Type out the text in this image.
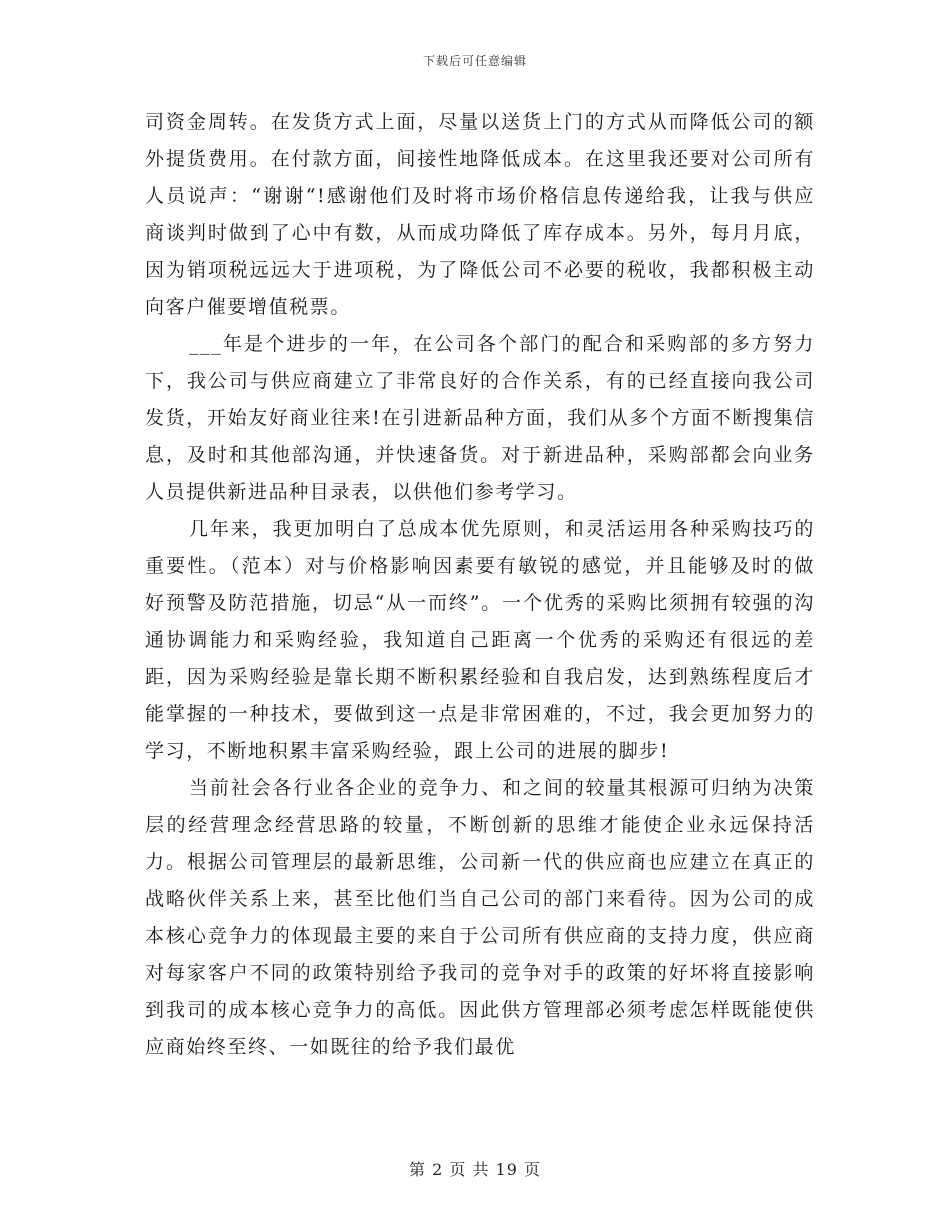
下载后可任意编辑

司资金周转。在发货方式上面，尽量以送货上门的方式从而降低公司的额外提货费用。在付款方面，间接性地降低成本。在这里我还要对公司所有人员说声：“谢谢“!感谢他们及时将市场价格信息传递给我，让我与供应商谈判时做到了心中有数，从而成功降低了库存成本。另外，每月月底，因为销项税远远大于进项税，为了降低公司不必要的税收，我都积极主动向客户催要增值税票。

___年是个进步的一年，在公司各个部门的配合和采购部的多方努力下，我公司与供应商建立了非常良好的合作关系，有的已经直接向我公司发货，开始友好商业往来!在引进新品种方面，我们从多个方面不断搜集信息，及时和其他部沟通，并快速备货。对于新进品种，采购部都会向业务人员提供新进品种目录表，以供他们参考学习。

几年来，我更加明白了总成本优先原则，和灵活运用各种采购技巧的重要性。（范本）对与价格影响因素要有敏锐的感觉，并且能够及时的做好预警及防范措施，切忌“从一而终”。一个优秀的采购比须拥有较强的沟通协调能力和采购经验，我知道自己距离一个优秀的采购还有很远的差距，因为采购经验是靠长期不断积累经验和自我启发，达到熟练程度后才能掌握的一种技术，要做到这一点是非常困难的，不过，我会更加努力的学习，不断地积累丰富采购经验，跟上公司的进展的脚步!

当前社会各行业各企业的竞争力、和之间的较量其根源可归纳为决策层的经营理念经营思路的较量，不断创新的思维才能使企业永远保持活力。根据公司管理层的最新思维，公司新一代的供应商也应建立在真正的战略伙伴关系上来，甚至比他们当自己公司的部门来看待。因为公司的成本核心竞争力的体现最主要的来自于公司所有供应商的支持力度，供应商对每家客户不同的政策特别给予我司的竞争对手的政策的好坏将直接影响到我司的成本核心竞争力的高低。因此供方管理部必须考虑怎样既能使供应商始终至终、一如既往的给予我们最优

第 2 页 共 19 页
